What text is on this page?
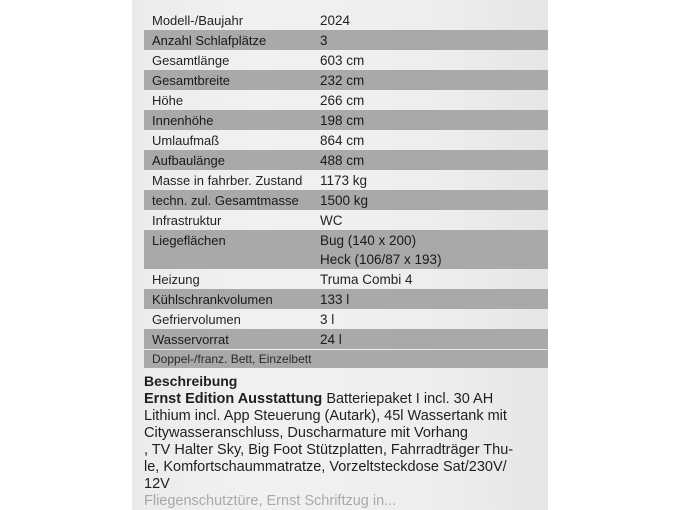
Modell-/Baujahr	2024
Anzahl Schlafplätze	3
Gesamtlänge	603 cm
Gesamtbreite	232 cm
Höhe	266 cm
Innenhöhe	198 cm
Umlaufmaß	864 cm
Aufbaulänge	488 cm
Masse in fahrber. Zustand	1173 kg
techn. zul. Gesamtmasse	1500 kg
Infrastruktur	WC
Liegeflächen	Bug (140 x 200)
Heck (106/87 x 193)
Heizung	Truma Combi 4
Kühlschrankvolumen	133 l
Gefriervolumen	3 l
Wasservorrat	24 l
Doppel-/franz. Bett, Einzelbett

Beschreibung

Ernst Edition Ausstattung Batteriepaket I incl. 30 AH

Lithium incl. App Steuerung (Autark), 45l Wassertank mit

Citywasseranschluss, Duscharmature mit Vorhang

, TV Halter Sky, Big Foot Stützplatten, Fahrradträger Thu-

le, Komfortschaummatratze, Vorzeltsteckdose Sat/230V/

12V

Fliegenschutztüre, Ernst Schriftzug in...
